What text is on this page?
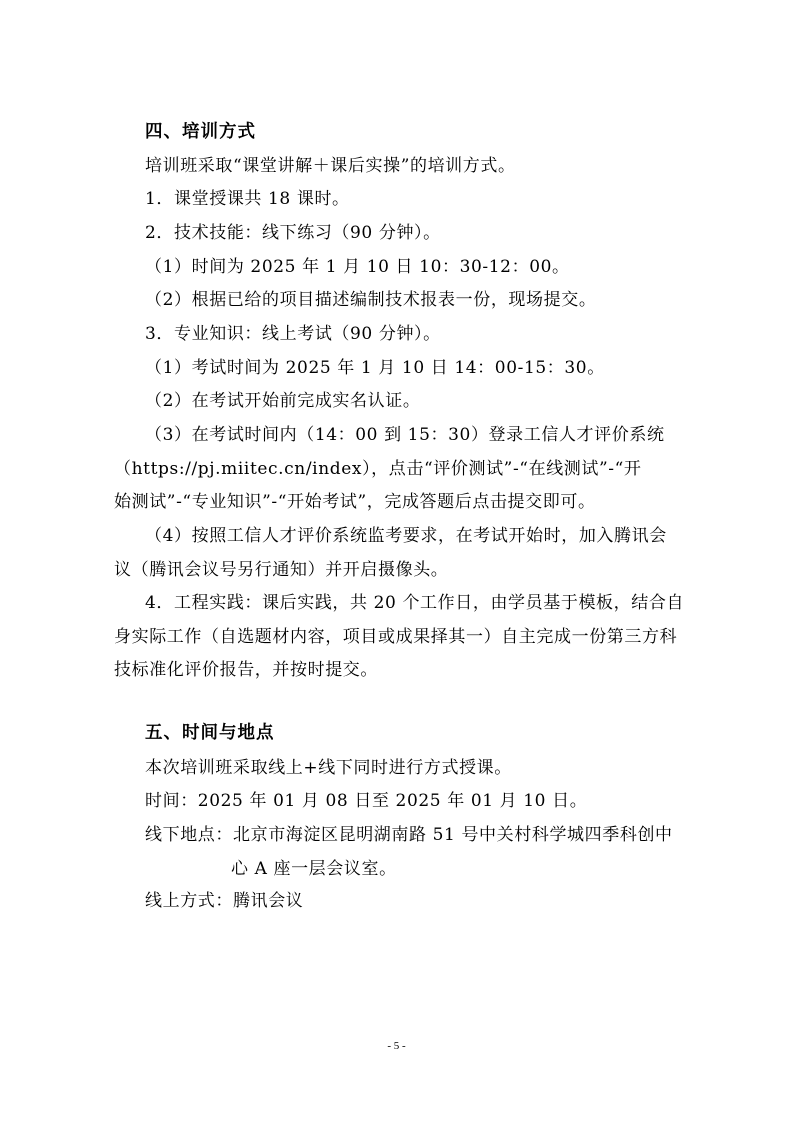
四、培训方式
培训班采取“课堂讲解＋课后实操”的培训方式。
1．课堂授课共 18 课时。
2．技术技能：线下练习（90 分钟）。
（1）时间为 2025 年 1 月 10 日 10：30-12：00。
（2）根据已给的项目描述编制技术报表一份，现场提交。
3．专业知识：线上考试（90 分钟）。
（1）考试时间为 2025 年 1 月 10 日 14：00-15：30。
（2）在考试开始前完成实名认证。
（3）在考试时间内（14：00 到 15：30）登录工信人才评价系统
（https://pj.miitec.cn/index），点击“评价测试”-“在线测试”-“开
始测试”-“专业知识”-“开始考试”，完成答题后点击提交即可。
（4）按照工信人才评价系统监考要求，在考试开始时，加入腾讯会
议（腾讯会议号另行通知）并开启摄像头。
4．工程实践：课后实践，共 20 个工作日，由学员基于模板，结合自
身实际工作（自选题材内容，项目或成果择其一）自主完成一份第三方科
技标准化评价报告，并按时提交。
五、时间与地点
本次培训班采取线上+线下同时进行方式授课。
时间：2025 年 01 月 08 日至 2025 年 01 月 10 日。
线下地点：北京市海淀区昆明湖南路 51 号中关村科学城四季科创中
心 A 座一层会议室。
线上方式：腾讯会议
- 5 -
